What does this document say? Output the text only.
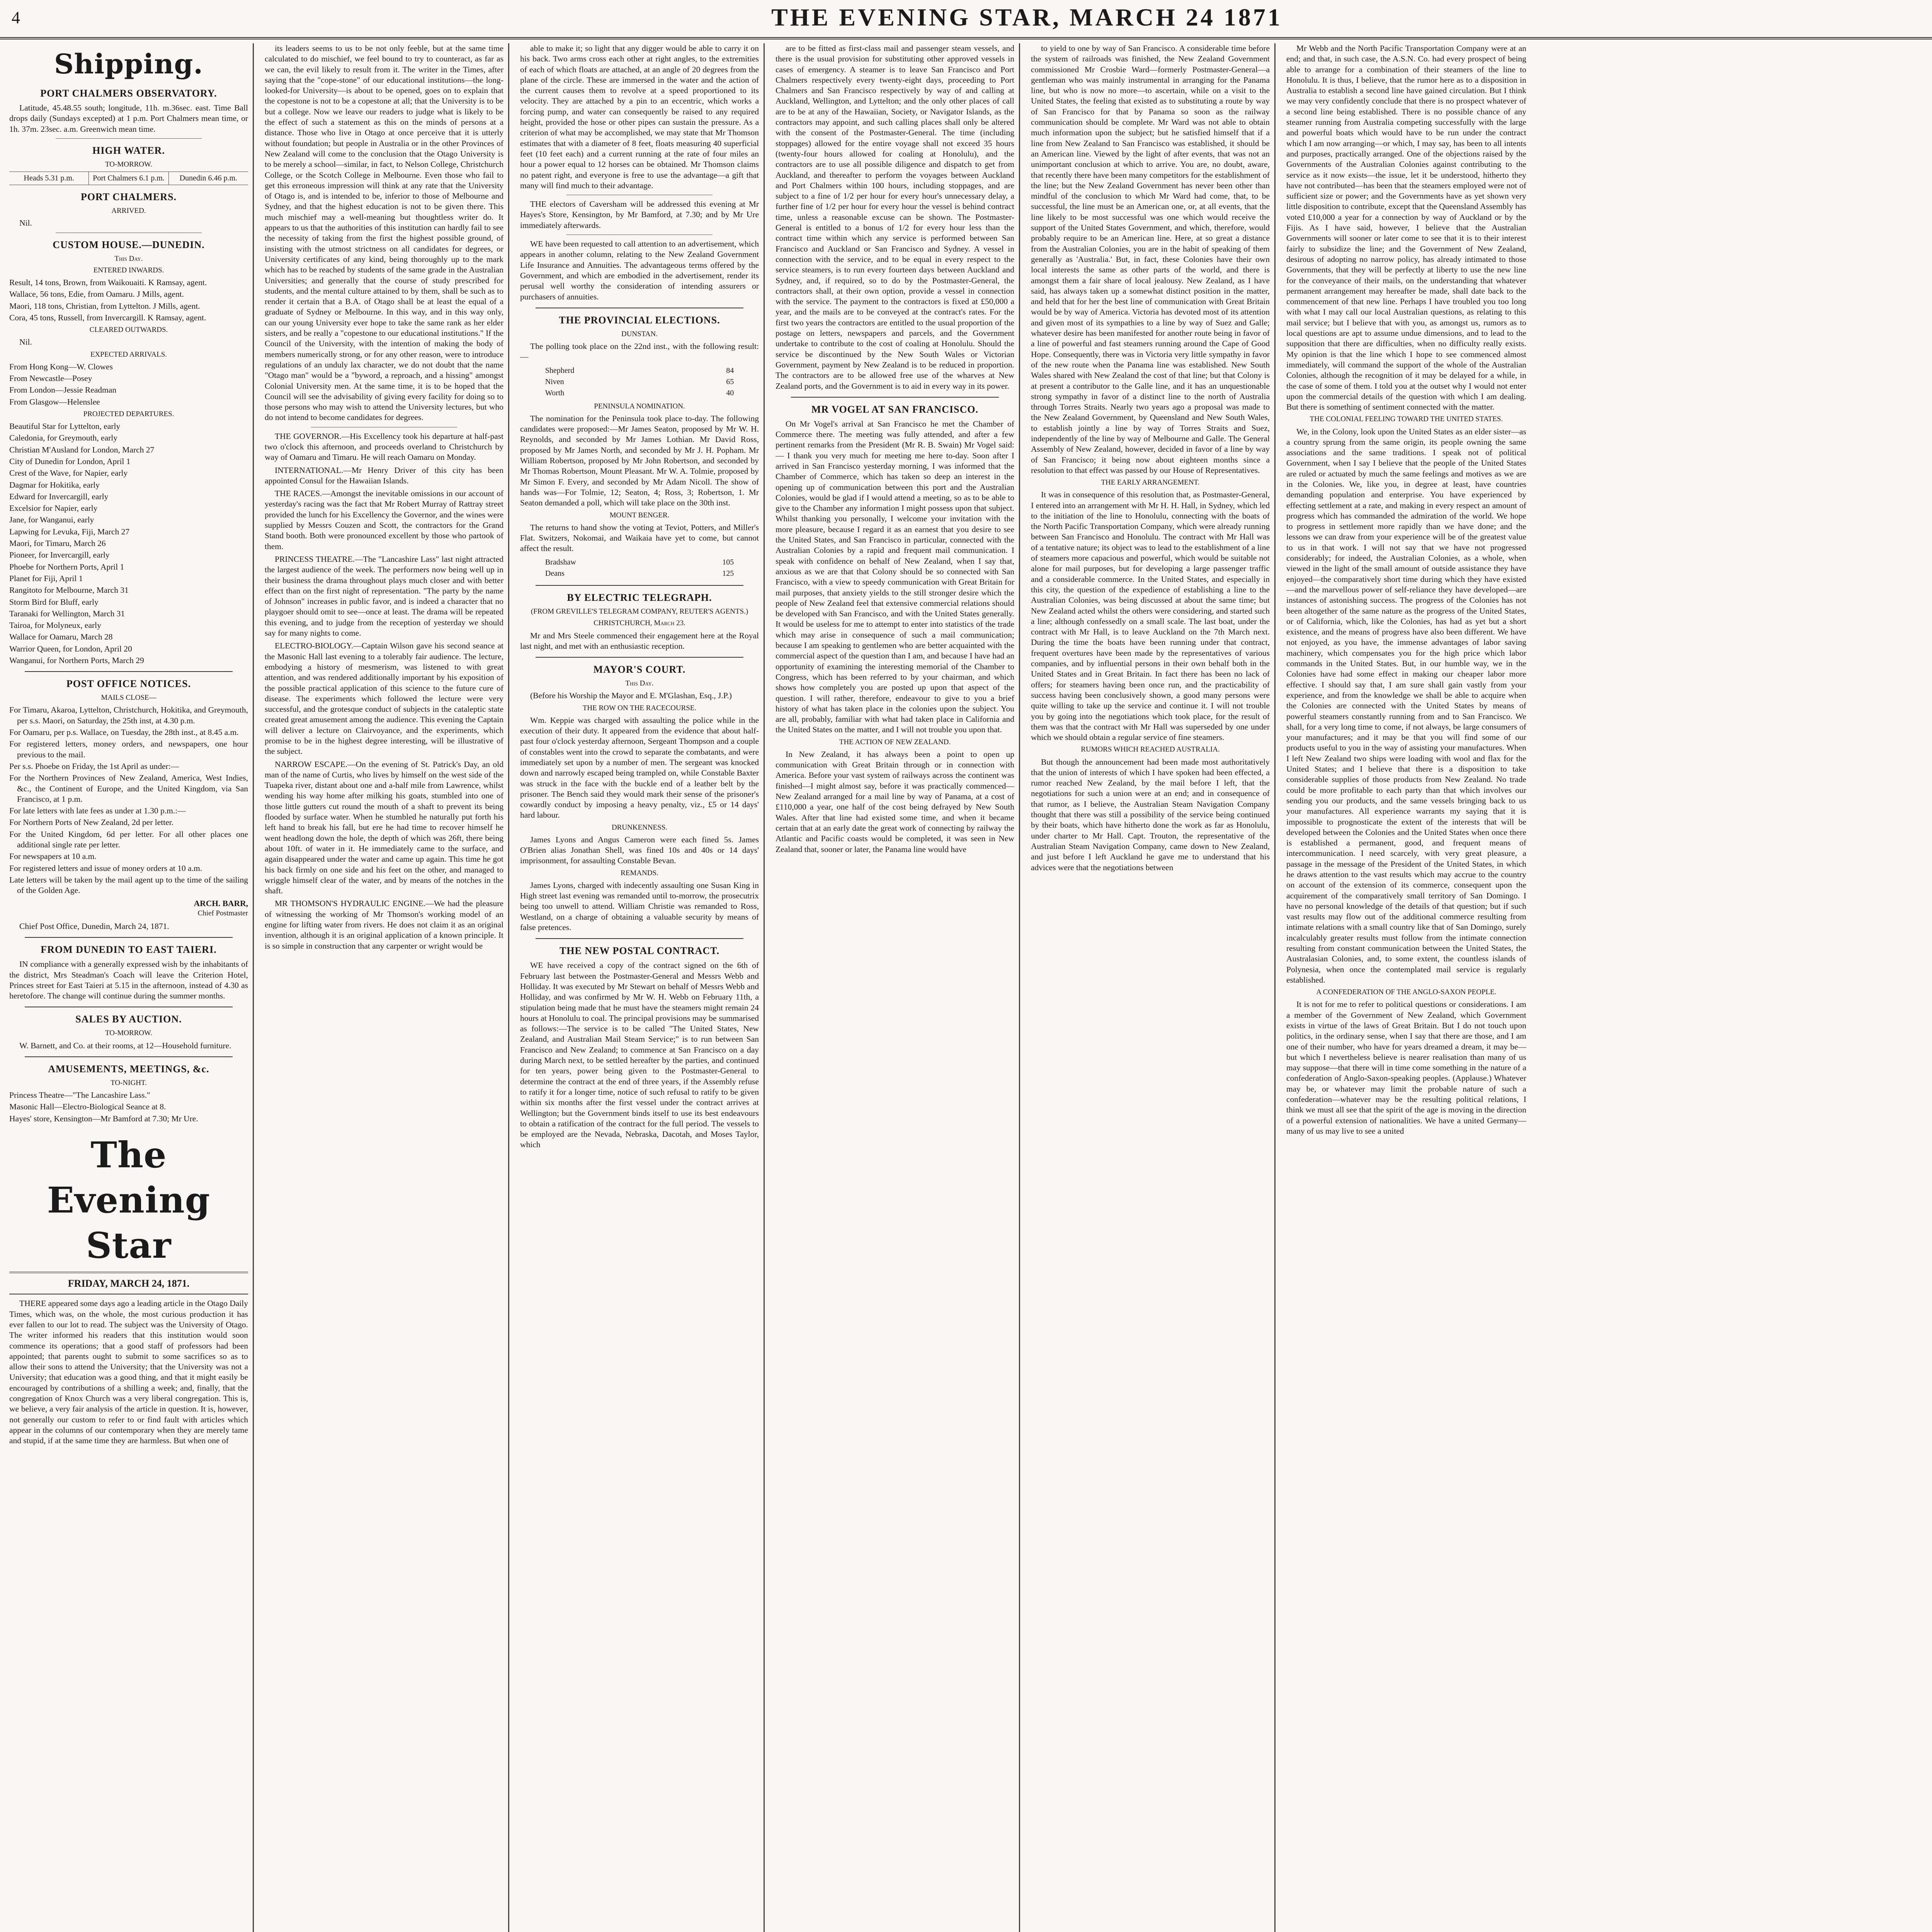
4	THE EVENING STAR, MARCH 24 1871
Shipping.
PORT CHALMERS OBSERVATORY.

Latitude, 45.48.55 south; longitude, 11h. m.36sec. east. Time Ball drops daily (Sundays excepted) at 1 p.m. Port Chalmers mean time, or 1h. 37m. 23sec. a.m. Greenwich mean time.

HIGH WATER.
TO-MORROW.
Heads 5.31 p.m.	Port Chalmers 6.1 p.m.	Dunedin 6.46 p.m.
PORT CHALMERS.
ARRIVED.

Nil.

CUSTOM HOUSE.—DUNEDIN.
This Day.
ENTERED INWARDS.
Result, 14 tons, Brown, from Waikouaiti. K Ramsay, agent.
Wallace, 56 tons, Edie, from Oamaru. J Mills, agent.
Maori, 118 tons, Christian, from Lyttelton. J Mills, agent.
Cora, 45 tons, Russell, from Invercargill. K Ramsay, agent.
CLEARED OUTWARDS.

Nil.

EXPECTED ARRIVALS.
From Hong Kong—W. Clowes
From Newcastle—Posey
From London—Jessie Readman
From Glasgow—Helenslee
PROJECTED DEPARTURES.
Beautiful Star for Lyttelton, early
Caledonia, for Greymouth, early
Christian M'Ausland for London, March 27
City of Dunedin for London, April 1
Crest of the Wave, for Napier, early
Dagmar for Hokitika, early
Edward for Invercargill, early
Excelsior for Napier, early
Jane, for Wanganui, early
Lapwing for Levuka, Fiji, March 27
Maori, for Timaru, March 26
Pioneer, for Invercargill, early
Phoebe for Northern Ports, April 1
Planet for Fiji, April 1
Rangitoto for Melbourne, March 31
Storm Bird for Bluff, early
Taranaki for Wellington, March 31
Tairoa, for Molyneux, early
Wallace for Oamaru, March 28
Warrior Queen, for London, April 20
Wanganui, for Northern Ports, March 29
POST OFFICE NOTICES.
MAILS CLOSE—
For Timaru, Akaroa, Lyttelton, Christchurch, Hokitika, and Greymouth, per s.s. Maori, on Saturday, the 25th inst, at 4.30 p.m.
For Oamaru, per p.s. Wallace, on Tuesday, the 28th inst., at 8.45 a.m.
For registered letters, money orders, and newspapers, one hour previous to the mail.
Per s.s. Phoebe on Friday, the 1st April as under:—
For the Northern Provinces of New Zealand, America, West Indies, &c., the Continent of Europe, and the United Kingdom, via San Francisco, at 1 p.m.
For late letters with late fees as under at 1.30 p.m.:—
For Northern Ports of New Zealand, 2d per letter.
For the United Kingdom, 6d per letter. For all other places one additional single rate per letter.
For newspapers at 10 a.m.
For registered letters and issue of money orders at 10 a.m.
Late letters will be taken by the mail agent up to the time of the sailing of the Golden Age.
ARCH. BARR,
Chief Postmaster

Chief Post Office, Dunedin, March 24, 1871.

FROM DUNEDIN TO EAST TAIERI.

IN compliance with a generally expressed wish by the inhabitants of the district, Mrs Steadman's Coach will leave the Criterion Hotel, Princes street for East Taieri at 5.15 in the afternoon, instead of 4.30 as heretofore. The change will continue during the summer months.

SALES BY AUCTION.
TO-MORROW.

W. Barnett, and Co. at their rooms, at 12—Household furniture.

AMUSEMENTS, MEETINGS, &c.
TO-NIGHT.
Princess Theatre—"The Lancashire Lass."
Masonic Hall—Electro-Biological Seance at 8.
Hayes' store, Kensington—Mr Bamford at 7.30; Mr Ure.
The Evening Star
FRIDAY, MARCH 24, 1871.

THERE appeared some days ago a leading article in the Otago Daily Times, which was, on the whole, the most curious production it has ever fallen to our lot to read. The subject was the University of Otago. The writer informed his readers that this institution would soon commence its operations; that a good staff of professors had been appointed; that parents ought to submit to some sacrifices so as to allow their sons to attend the University; that the University was not a University; that education was a good thing, and that it might easily be encouraged by contributions of a shilling a week; and, finally, that the congregation of Knox Church was a very liberal congregation. This is, we believe, a very fair analysis of the article in question. It is, however, not generally our custom to refer to or find fault with articles which appear in the columns of our contemporary when they are merely tame and stupid, if at the same time they are harmless. But when one of

its leaders seems to us to be not only feeble, but at the same time calculated to do mischief, we feel bound to try to counteract, as far as we can, the evil likely to result from it. The writer in the Times, after saying that the "cope-stone" of our educational institutions—the long-looked-for University—is about to be opened, goes on to explain that the copestone is not to be a copestone at all; that the University is to be but a college. Now we leave our readers to judge what is likely to be the effect of such a statement as this on the minds of persons at a distance. Those who live in Otago at once perceive that it is utterly without foundation; but people in Australia or in the other Provinces of New Zealand will come to the conclusion that the Otago University is to be merely a school—similar, in fact, to Nelson College, Christchurch College, or the Scotch College in Melbourne. Even those who fail to get this erroneous impression will think at any rate that the University of Otago is, and is intended to be, inferior to those of Melbourne and Sydney, and that the highest education is not to be given there. This much mischief may a well-meaning but thoughtless writer do. It appears to us that the authorities of this institution can hardly fail to see the necessity of taking from the first the highest possible ground, of insisting with the utmost strictness on all candidates for degrees, or University certificates of any kind, being thoroughly up to the mark which has to be reached by students of the same grade in the Australian Universities; and generally that the course of study prescribed for students, and the mental culture attained to by them, shall be such as to render it certain that a B.A. of Otago shall be at least the equal of a graduate of Sydney or Melbourne. In this way, and in this way only, can our young University ever hope to take the same rank as her elder sisters, and be really a "copestone to our educational institutions." If the Council of the University, with the intention of making the body of members numerically strong, or for any other reason, were to introduce regulations of an unduly lax character, we do not doubt that the name "Otago man" would be a "byword, a reproach, and a hissing" amongst Colonial University men. At the same time, it is to be hoped that the Council will see the advisability of giving every facility for doing so to those persons who may wish to attend the University lectures, but who do not intend to become candidates for degrees.

THE GOVERNOR.—His Excellency took his departure at half-past two o'clock this afternoon, and proceeds overland to Christchurch by way of Oamaru and Timaru. He will reach Oamaru on Monday.

INTERNATIONAL.—Mr Henry Driver of this city has been appointed Consul for the Hawaiian Islands.

THE RACES.—Amongst the inevitable omissions in our account of yesterday's racing was the fact that Mr Robert Murray of Rattray street provided the lunch for his Excellency the Governor, and the wines were supplied by Messrs Couzen and Scott, the contractors for the Grand Stand booth. Both were pronounced excellent by those who partook of them.

PRINCESS THEATRE.—The "Lancashire Lass" last night attracted the largest audience of the week. The performers now being well up in their business the drama throughout plays much closer and with better effect than on the first night of representation. "The party by the name of Johnson" increases in public favor, and is indeed a character that no playgoer should omit to see—once at least. The drama will be repeated this evening, and to judge from the reception of yesterday we should say for many nights to come.

ELECTRO-BIOLOGY.—Captain Wilson gave his second seance at the Masonic Hall last evening to a tolerably fair audience. The lecture, embodying a history of mesmerism, was listened to with great attention, and was rendered additionally important by his exposition of the possible practical application of this science to the future cure of disease. The experiments which followed the lecture were very successful, and the grotesque conduct of subjects in the cataleptic state created great amusement among the audience. This evening the Captain will deliver a lecture on Clairvoyance, and the experiments, which promise to be in the highest degree interesting, will be illustrative of the subject.

NARROW ESCAPE.—On the evening of St. Patrick's Day, an old man of the name of Curtis, who lives by himself on the west side of the Tuapeka river, distant about one and a-half mile from Lawrence, whilst wending his way home after milking his goats, stumbled into one of those little gutters cut round the mouth of a shaft to prevent its being flooded by surface water. When he stumbled he naturally put forth his left hand to break his fall, but ere he had time to recover himself he went headlong down the hole, the depth of which was 26ft, there being about 10ft. of water in it. He immediately came to the surface, and again disappeared under the water and came up again. This time he got his back firmly on one side and his feet on the other, and managed to wriggle himself clear of the water, and by means of the notches in the shaft.

MR THOMSON'S HYDRAULIC ENGINE.—We had the pleasure of witnessing the working of Mr Thomson's working model of an engine for lifting water from rivers. He does not claim it as an original invention, although it is an original application of a known principle. It is so simple in construction that any carpenter or wright would be

able to make it; so light that any digger would be able to carry it on his back. Two arms cross each other at right angles, to the extremities of each of which floats are attached, at an angle of 20 degrees from the plane of the circle. These are immersed in the water and the action of the current causes them to revolve at a speed proportioned to its velocity. They are attached by a pin to an eccentric, which works a forcing pump, and water can consequently be raised to any required height, provided the hose or other pipes can sustain the pressure. As a criterion of what may be accomplished, we may state that Mr Thomson estimates that with a diameter of 8 feet, floats measuring 40 superficial feet (10 feet each) and a current running at the rate of four miles an hour a power equal to 12 horses can be obtained. Mr Thomson claims no patent right, and everyone is free to use the advantage—a gift that many will find much to their advantage.

THE electors of Caversham will be addressed this evening at Mr Hayes's Store, Kensington, by Mr Bamford, at 7.30; and by Mr Ure immediately afterwards.

WE have been requested to call attention to an advertisement, which appears in another column, relating to the New Zealand Government Life Insurance and Annuities. The advantageous terms offered by the Government, and which are embodied in the advertisement, render its perusal well worthy the consideration of intending assurers or purchasers of annuities.

THE PROVINCIAL ELECTIONS.
DUNSTAN.

The polling took place on the 22nd inst., with the following result:—

Shepherd	84
Niven	65
Worth	40
PENINSULA NOMINATION.

The nomination for the Peninsula took place to-day. The following candidates were proposed:—Mr James Seaton, proposed by Mr W. H. Reynolds, and seconded by Mr James Lothian. Mr David Ross, proposed by Mr James North, and seconded by Mr J. H. Popham. Mr William Robertson, proposed by Mr John Robertson, and seconded by Mr Thomas Robertson, Mount Pleasant. Mr W. A. Tolmie, proposed by Mr Simon F. Every, and seconded by Mr Adam Nicoll. The show of hands was—For Tolmie, 12; Seaton, 4; Ross, 3; Robertson, 1. Mr Seaton demanded a poll, which will take place on the 30th inst.

MOUNT BENGER.

The returns to hand show the voting at Teviot, Potters, and Miller's Flat. Switzers, Nokomai, and Waikaia have yet to come, but cannot affect the result.

Bradshaw	105
Deans	125
BY ELECTRIC TELEGRAPH.
(FROM GREVILLE'S TELEGRAM COMPANY, REUTER'S AGENTS.)
CHRISTCHURCH, March 23.

Mr and Mrs Steele commenced their engagement here at the Royal last night, and met with an enthusiastic reception.

MAYOR'S COURT.
This Day.

(Before his Worship the Mayor and E. M'Glashan, Esq., J.P.)

THE ROW ON THE RACECOURSE.

Wm. Keppie was charged with assaulting the police while in the execution of their duty. It appeared from the evidence that about half-past four o'clock yesterday afternoon, Sergeant Thompson and a couple of constables went into the crowd to separate the combatants, and were immediately set upon by a number of men. The sergeant was knocked down and narrowly escaped being trampled on, while Constable Baxter was struck in the face with the buckle end of a leather belt by the prisoner. The Bench said they would mark their sense of the prisoner's cowardly conduct by imposing a heavy penalty, viz., £5 or 14 days' hard labour.

DRUNKENNESS.

James Lyons and Angus Cameron were each fined 5s. James O'Brien alias Jonathan Shell, was fined 10s and 40s or 14 days' imprisonment, for assaulting Constable Bevan.

REMANDS.

James Lyons, charged with indecently assaulting one Susan King in High street last evening was remanded until to-morrow, the prosecutrix being too unwell to attend. William Christie was remanded to Ross, Westland, on a charge of obtaining a valuable security by means of false pretences.

THE NEW POSTAL CONTRACT.

WE have received a copy of the contract signed on the 6th of February last between the Postmaster-General and Messrs Webb and Holliday. It was executed by Mr Stewart on behalf of Messrs Webb and Holliday, and was confirmed by Mr W. H. Webb on February 11th, a stipulation being made that he must have the steamers might remain 24 hours at Honolulu to coal. The principal provisions may be summarised as follows:—The service is to be called "The United States, New Zealand, and Australian Mail Steam Service;" is to run between San Francisco and New Zealand; to commence at San Francisco on a day during March next, to be settled hereafter by the parties, and continued for ten years, power being given to the Postmaster-General to determine the contract at the end of three years, if the Assembly refuse to ratify it for a longer time, notice of such refusal to ratify to be given within six months after the first vessel under the contract arrives at Wellington; but the Government binds itself to use its best endeavours to obtain a ratification of the contract for the full period. The vessels to be employed are the Nevada, Nebraska, Dacotah, and Moses Taylor, which

are to be fitted as first-class mail and passenger steam vessels, and there is the usual provision for substituting other approved vessels in cases of emergency. A steamer is to leave San Francisco and Port Chalmers respectively every twenty-eight days, proceeding to Port Chalmers and San Francisco respectively by way of and calling at Auckland, Wellington, and Lyttelton; and the only other places of call are to be at any of the Hawaiian, Society, or Navigator Islands, as the contractors may appoint, and such calling places shall only be altered with the consent of the Postmaster-General. The time (including stoppages) allowed for the entire voyage shall not exceed 35 hours (twenty-four hours allowed for coaling at Honolulu), and the contractors are to use all possible diligence and dispatch to get from Auckland, and thereafter to perform the voyages between Auckland and Port Chalmers within 100 hours, including stoppages, and are subject to a fine of 1/2 per hour for every hour's unnecessary delay, a further fine of 1/2 per hour for every hour the vessel is behind contract time, unless a reasonable excuse can be shown. The Postmaster-General is entitled to a bonus of 1/2 for every hour less than the contract time within which any service is performed between San Francisco and Auckland or San Francisco and Sydney. A vessel in connection with the service, and to be equal in every respect to the service steamers, is to run every fourteen days between Auckland and Sydney, and, if required, so to do by the Postmaster-General, the contractors shall, at their own option, provide a vessel in connection with the service. The payment to the contractors is fixed at £50,000 a year, and the mails are to be conveyed at the contract's rates. For the first two years the contractors are entitled to the usual proportion of the postage on letters, newspapers and parcels, and the Government undertake to contribute to the cost of coaling at Honolulu. Should the service be discontinued by the New South Wales or Victorian Government, payment by New Zealand is to be reduced in proportion. The contractors are to be allowed free use of the wharves at New Zealand ports, and the Government is to aid in every way in its power.

MR VOGEL AT SAN FRANCISCO.

On Mr Vogel's arrival at San Francisco he met the Chamber of Commerce there. The meeting was fully attended, and after a few pertinent remarks from the President (Mr R. B. Swain) Mr Vogel said:— I thank you very much for meeting me here to-day. Soon after I arrived in San Francisco yesterday morning, I was informed that the Chamber of Commerce, which has taken so deep an interest in the opening up of communication between this port and the Australian Colonies, would be glad if I would attend a meeting, so as to be able to give to the Chamber any information I might possess upon that subject. Whilst thanking you personally, I welcome your invitation with the more pleasure, because I regard it as an earnest that you desire to see the United States, and San Francisco in particular, connected with the Australian Colonies by a rapid and frequent mail communication. I speak with confidence on behalf of New Zealand, when I say that, anxious as we are that that Colony should be so connected with San Francisco, with a view to speedy communication with Great Britain for mail purposes, that anxiety yields to the still stronger desire which the people of New Zealand feel that extensive commercial relations should be developed with San Francisco, and with the United States generally. It would be useless for me to attempt to enter into statistics of the trade which may arise in consequence of such a mail communication; because I am speaking to gentlemen who are better acquainted with the commercial aspect of the question than I am, and because I have had an opportunity of examining the interesting memorial of the Chamber to Congress, which has been referred to by your chairman, and which shows how completely you are posted up upon that aspect of the question. I will rather, therefore, endeavour to give to you a brief history of what has taken place in the colonies upon the subject. You are all, probably, familiar with what had taken place in California and the United States on the matter, and I will not trouble you upon that.

THE ACTION OF NEW ZEALAND.

In New Zealand, it has always been a point to open up communication with Great Britain through or in connection with America. Before your vast system of railways across the continent was finished—I might almost say, before it was practically commenced—New Zealand arranged for a mail line by way of Panama, at a cost of £110,000 a year, one half of the cost being defrayed by New South Wales. After that line had existed some time, and when it became certain that at an early date the great work of connecting by railway the Atlantic and Pacific coasts would be completed, it was seen in New Zealand that, sooner or later, the Panama line would have

to yield to one by way of San Francisco. A considerable time before the system of railroads was finished, the New Zealand Government commissioned Mr Crosbie Ward—formerly Postmaster-General—a gentleman who was mainly instrumental in arranging for the Panama line, but who is now no more—to ascertain, while on a visit to the United States, the feeling that existed as to substituting a route by way of San Francisco for that by Panama so soon as the railway communication should be complete. Mr Ward was not able to obtain much information upon the subject; but he satisfied himself that if a line from New Zealand to San Francisco was established, it should be an American line. Viewed by the light of after events, that was not an unimportant conclusion at which to arrive. You are, no doubt, aware, that recently there have been many competitors for the establishment of the line; but the New Zealand Government has never been other than mindful of the conclusion to which Mr Ward had come, that, to be successful, the line must be an American one, or, at all events, that the line likely to be most successful was one which would receive the support of the United States Government, and which, therefore, would probably require to be an American line. Here, at so great a distance from the Australian Colonies, you are in the habit of speaking of them generally as 'Australia.' But, in fact, these Colonies have their own local interests the same as other parts of the world, and there is amongst them a fair share of local jealousy. New Zealand, as I have said, has always taken up a somewhat distinct position in the matter, and held that for her the best line of communication with Great Britain would be by way of America. Victoria has devoted most of its attention and given most of its sympathies to a line by way of Suez and Galle; whatever desire has been manifested for another route being in favor of a line of powerful and fast steamers running around the Cape of Good Hope. Consequently, there was in Victoria very little sympathy in favor of the new route when the Panama line was established. New South Wales shared with New Zealand the cost of that line; but that Colony is at present a contributor to the Galle line, and it has an unquestionable strong sympathy in favor of a distinct line to the north of Australia through Torres Straits. Nearly two years ago a proposal was made to the New Zealand Government, by Queensland and New South Wales, to establish jointly a line by way of Torres Straits and Suez, independently of the line by way of Melbourne and Galle. The General Assembly of New Zealand, however, decided in favor of a line by way of San Francisco; it being now about eighteen months since a resolution to that effect was passed by our House of Representatives.

THE EARLY ARRANGEMENT.

It was in consequence of this resolution that, as Postmaster-General, I entered into an arrangement with Mr H. H. Hall, in Sydney, which led to the initiation of the line to Honolulu, connecting with the boats of the North Pacific Transportation Company, which were already running between San Francisco and Honolulu. The contract with Mr Hall was of a tentative nature; its object was to lead to the establishment of a line of steamers more capacious and powerful, which would be suitable not alone for mail purposes, but for developing a large passenger traffic and a considerable commerce. In the United States, and especially in this city, the question of the expedience of establishing a line to the Australian Colonies, was being discussed at about the same time; but New Zealand acted whilst the others were considering, and started such a line; although confessedly on a small scale. The last boat, under the contract with Mr Hall, is to leave Auckland on the 7th March next. During the time the boats have been running under that contract, frequent overtures have been made by the representatives of various companies, and by influential persons in their own behalf both in the United States and in Great Britain. In fact there has been no lack of offers; for steamers having been once run, and the practicability of success having been conclusively shown, a good many persons were quite willing to take up the service and continue it. I will not trouble you by going into the negotiations which took place, for the result of them was that the contract with Mr Hall was superseded by one under which we should obtain a regular service of fine steamers.

RUMORS WHICH REACHED AUSTRALIA.

But though the announcement had been made most authoritatively that the union of interests of which I have spoken had been effected, a rumor reached New Zealand, by the mail before I left, that the negotiations for such a union were at an end; and in consequence of that rumor, as I believe, the Australian Steam Navigation Company thought that there was still a possibility of the service being continued by their boats, which have hitherto done the work as far as Honolulu, under charter to Mr Hall. Capt. Trouton, the representative of the Australian Steam Navigation Company, came down to New Zealand, and just before I left Auckland he gave me to understand that his advices were that the negotiations between

Mr Webb and the North Pacific Transportation Company were at an end; and that, in such case, the A.S.N. Co. had every prospect of being able to arrange for a combination of their steamers of the line to Honolulu. It is thus, I believe, that the rumor here as to a disposition in Australia to establish a second line have gained circulation. But I think we may very confidently conclude that there is no prospect whatever of a second line being established. There is no possible chance of any steamer running from Australia competing successfully with the large and powerful boats which would have to be run under the contract which I am now arranging—or which, I may say, has been to all intents and purposes, practically arranged. One of the objections raised by the Governments of the Australian Colonies against contributing to the service as it now exists—the issue, let it be understood, hitherto they have not contributed—has been that the steamers employed were not of sufficient size or power; and the Governments have as yet shown very little disposition to contribute, except that the Queensland Assembly has voted £10,000 a year for a connection by way of Auckland or by the Fijis. As I have said, however, I believe that the Australian Governments will sooner or later come to see that it is to their interest fairly to subsidize the line; and the Government of New Zealand, desirous of adopting no narrow policy, has already intimated to those Governments, that they will be perfectly at liberty to use the new line for the conveyance of their mails, on the understanding that whatever permanent arrangement may hereafter be made, shall date back to the commencement of that new line. Perhaps I have troubled you too long with what I may call our local Australian questions, as relating to this mail service; but I believe that with you, as amongst us, rumors as to local questions are apt to assume undue dimensions, and to lead to the supposition that there are difficulties, when no difficulty really exists. My opinion is that the line which I hope to see commenced almost immediately, will command the support of the whole of the Australian Colonies, although the recognition of it may be delayed for a while, in the case of some of them. I told you at the outset why I would not enter upon the commercial details of the question with which I am dealing. But there is something of sentiment connected with the matter.

THE COLONIAL FEELING TOWARD THE UNITED STATES.

We, in the Colony, look upon the United States as an elder sister—as a country sprung from the same origin, its people owning the same associations and the same traditions. I speak not of political Government, when I say I believe that the people of the United States are ruled or actuated by much the same feelings and motives as we are in the Colonies. We, like you, in degree at least, have countries demanding population and enterprise. You have experienced by effecting settlement at a rate, and making in every respect an amount of progress which has commanded the admiration of the world. We hope to progress in settlement more rapidly than we have done; and the lessons we can draw from your experience will be of the greatest value to us in that work. I will not say that we have not progressed considerably; for indeed, the Australian Colonies, as a whole, when viewed in the light of the small amount of outside assistance they have enjoyed—the comparatively short time during which they have existed—and the marvellous power of self-reliance they have developed—are instances of astonishing success. The progress of the Colonies has not been altogether of the same nature as the progress of the United States, or of California, which, like the Colonies, has had as yet but a short existence, and the means of progress have also been different. We have not enjoyed, as you have, the immense advantages of labor saving machinery, which compensates you for the high price which labor commands in the United States. But, in our humble way, we in the Colonies have had some effect in making our cheaper labor more effective. I should say that, I am sure shall gain vastly from your experience, and from the knowledge we shall be able to acquire when the Colonies are connected with the United States by means of powerful steamers constantly running from and to San Francisco. We shall, for a very long time to come, if not always, be large consumers of your manufactures; and it may be that you will find some of our products useful to you in the way of assisting your manufactures. When I left New Zealand two ships were loading with wool and flax for the United States; and I believe that there is a disposition to take considerable supplies of those products from New Zealand. No trade could be more profitable to each party than that which involves our sending you our products, and the same vessels bringing back to us your manufactures. All experience warrants my saying that it is impossible to prognosticate the extent of the interests that will be developed between the Colonies and the United States when once there is established a permanent, good, and frequent means of intercommunication. I need scarcely, with very great pleasure, a passage in the message of the President of the United States, in which he draws attention to the vast results which may accrue to the country on account of the extension of its commerce, consequent upon the acquirement of the comparatively small territory of San Domingo. I have no personal knowledge of the details of that question; but if such vast results may flow out of the additional commerce resulting from intimate relations with a small country like that of San Domingo, surely incalculably greater results must follow from the intimate connection resulting from constant communication between the United States, the Australasian Colonies, and, to some extent, the countless islands of Polynesia, when once the contemplated mail service is regularly established.

A CONFEDERATION OF THE ANGLO-SAXON PEOPLE.

It is not for me to refer to political questions or considerations. I am a member of the Government of New Zealand, which Government exists in virtue of the laws of Great Britain. But I do not touch upon politics, in the ordinary sense, when I say that there are those, and I am one of their number, who have for years dreamed a dream, it may be—but which I nevertheless believe is nearer realisation than many of us may suppose—that there will in time come something in the nature of a confederation of Anglo-Saxon-speaking peoples. (Applause.) Whatever may be, or whatever may limit the probable nature of such a confederation—whatever may be the resulting political relations, I think we must all see that the spirit of the age is moving in the direction of a powerful extension of nationalities. We have a united Germany—many of us may live to see a united
